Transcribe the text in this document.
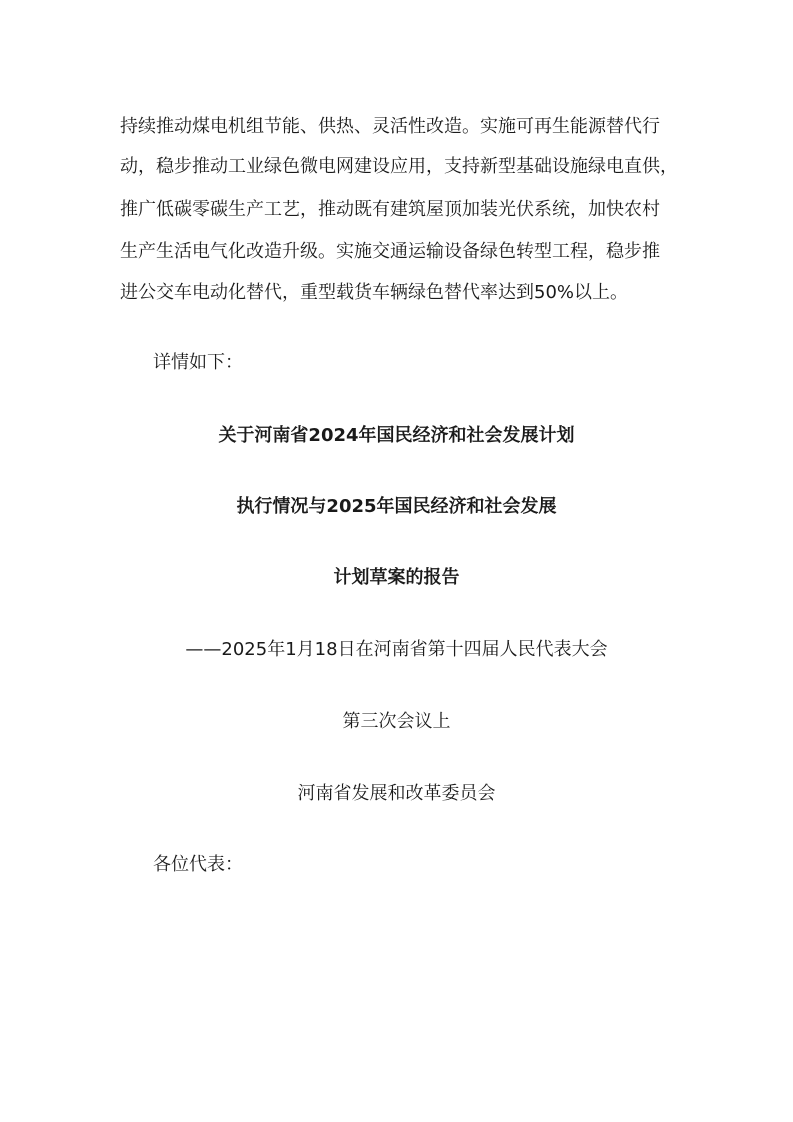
持续推动煤电机组节能、供热、灵活性改造。实施可再生能源替代行
动，稳步推动工业绿色微电网建设应用，支持新型基础设施绿电直供，
推广低碳零碳生产工艺，推动既有建筑屋顶加装光伏系统，加快农村
生产生活电气化改造升级。实施交通运输设备绿色转型工程，稳步推
进公交车电动化替代，重型载货车辆绿色替代率达到50%以上。
详情如下：
关于河南省2024年国民经济和社会发展计划
执行情况与2025年国民经济和社会发展
计划草案的报告
——2025年1月18日在河南省第十四届人民代表大会
第三次会议上
河南省发展和改革委员会
各位代表：
